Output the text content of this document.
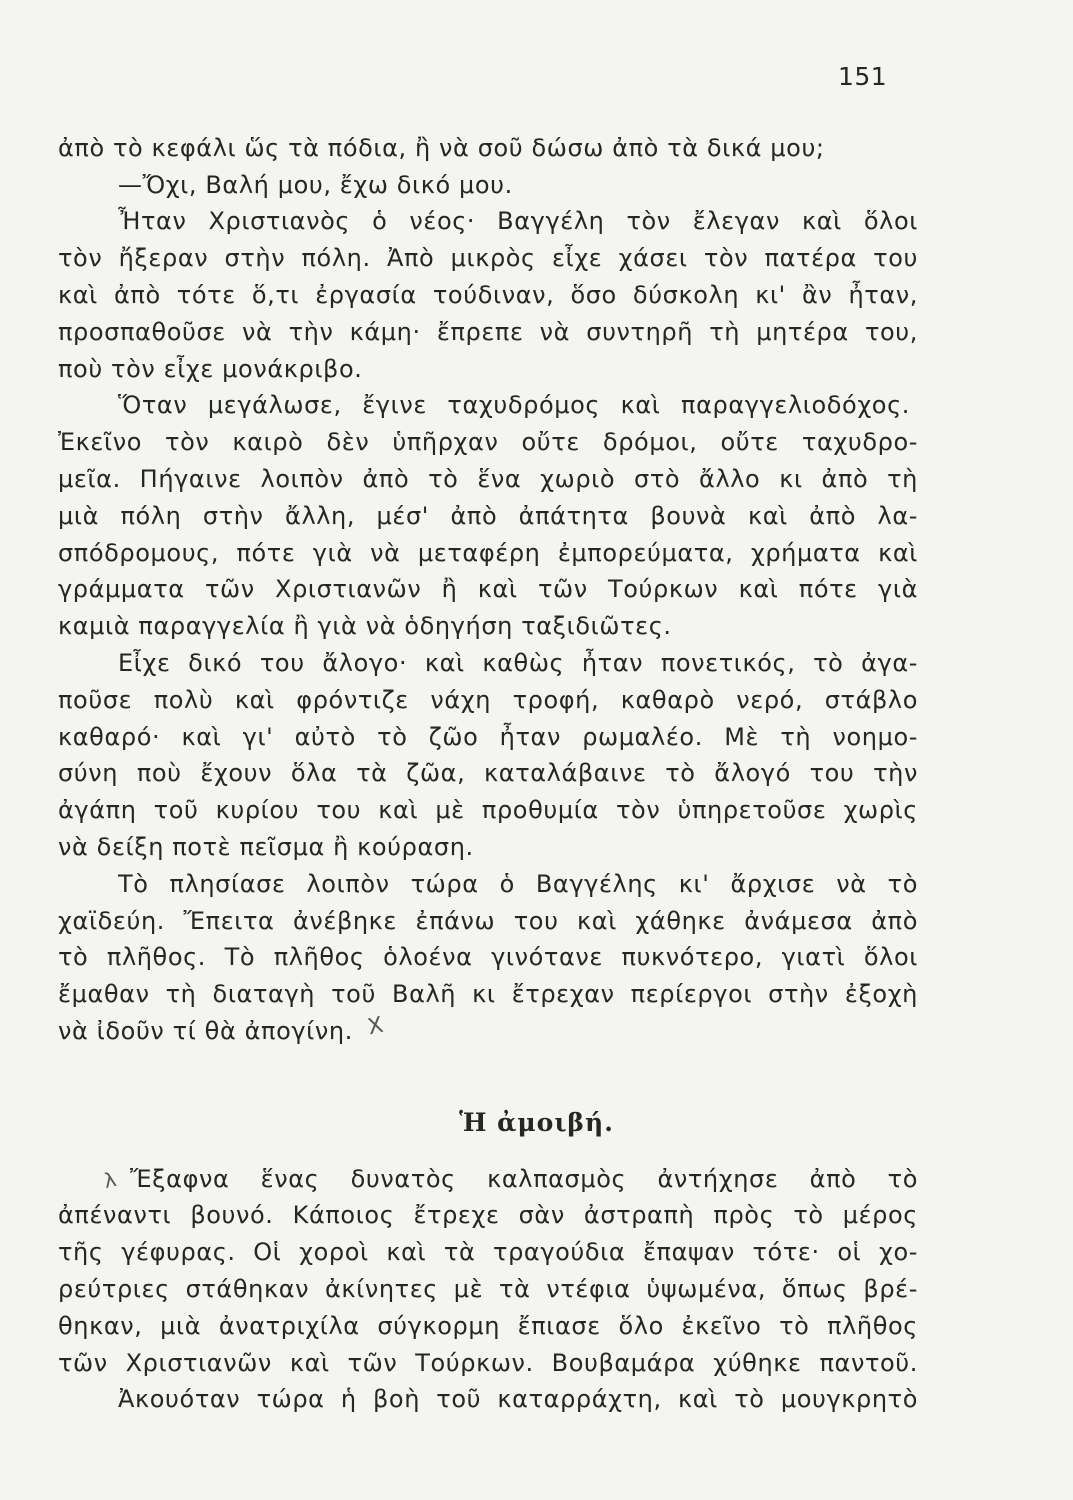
151
ἀπὸ τὸ κεφάλι ὥς τὰ πόδια, ἢ νὰ σοῦ δώσω ἀπὸ τὰ δικά μου;
—Ὄχι, Βαλή μου, ἔχω δικό μου.
Ἦταν Χριστιανὸς ὁ νέος· Βαγγέλη τὸν ἔλεγαν καὶ ὅλοι
τὸν ἤξεραν στὴν πόλη. Ἀπὸ μικρὸς εἶχε χάσει τὸν πατέρα του
καὶ ἀπὸ τότε ὅ,τι ἐργασία τούδιναν, ὅσο δύσκολη κι' ἂν ἦταν,
προσπαθοῦσε νὰ τὴν κάμη· ἔπρεπε νὰ συντηρῆ τὴ μητέρα του,
ποὺ τὸν εἶχε μονάκριβο.
Ὅταν μεγάλωσε, ἔγινε ταχυδρόμος καὶ παραγγελιοδόχος.
Ἐκεῖνο τὸν καιρὸ δὲν ὑπῆρχαν οὔτε δρόμοι, οὔτε ταχυδρο-
μεῖα. Πήγαινε λοιπὸν ἀπὸ τὸ ἕνα χωριὸ στὸ ἄλλο κι ἀπὸ τὴ
μιὰ πόλη στὴν ἄλλη, μέσ' ἀπὸ ἀπάτητα βουνὰ καὶ ἀπὸ λα-
σπόδρομους, πότε γιὰ νὰ μεταφέρη ἐμπορεύματα, χρήματα καὶ
γράμματα τῶν Χριστιανῶν ἢ καὶ τῶν Τούρκων καὶ πότε γιὰ
καμιὰ παραγγελία ἢ γιὰ νὰ ὁδηγήση ταξιδιῶτες.
Εἶχε δικό του ἄλογο· καὶ καθὼς ἦταν πονετικός, τὸ ἀγα-
ποῦσε πολὺ καὶ φρόντιζε νάχη τροφή, καθαρὸ νερό, στάβλο
καθαρό· καὶ γι' αὐτὸ τὸ ζῶο ἦταν ρωμαλέο. Μὲ τὴ νοημο-
σύνη ποὺ ἔχουν ὅλα τὰ ζῶα, καταλάβαινε τὸ ἄλογό του τὴν
ἀγάπη τοῦ κυρίου του καὶ μὲ προθυμία τὸν ὑπηρετοῦσε χωρὶς
νὰ δείξη ποτὲ πεῖσμα ἢ κούραση.
Τὸ πλησίασε λοιπὸν τώρα ὁ Βαγγέλης κι' ἄρχισε νὰ τὸ
χαϊδεύη. Ἔπειτα ἀνέβηκε ἐπάνω του καὶ χάθηκε ἀνάμεσα ἀπὸ
τὸ πλῆθος. Τὸ πλῆθος ὁλοένα γινότανε πυκνότερο, γιατὶ ὅλοι
ἔμαθαν τὴ διαταγὴ τοῦ Βαλῆ κι ἔτρεχαν περίεργοι στὴν ἐξοχὴ
νὰ ἰδοῦν τί θὰ ἀπογίνη. X
Ἡ ἀμοιβή.
λ Ἔξαφνα ἕνας δυνατὸς καλπασμὸς ἀντήχησε ἀπὸ τὸ
ἀπέναντι βουνό. Κάποιος ἔτρεχε σὰν ἀστραπὴ πρὸς τὸ μέρος
τῆς γέφυρας. Οἱ χοροὶ καὶ τὰ τραγούδια ἔπαψαν τότε· οἱ χο-
ρεύτριες στάθηκαν ἀκίνητες μὲ τὰ ντέφια ὑψωμένα, ὅπως βρέ-
θηκαν, μιὰ ἀνατριχίλα σύγκορμη ἔπιασε ὅλο ἐκεῖνο τὸ πλῆθος
τῶν Χριστιανῶν καὶ τῶν Τούρκων. Βουβαμάρα χύθηκε παντοῦ.
Ἀκουόταν τώρα ἡ βοὴ τοῦ καταρράχτη, καὶ τὸ μουγκρητὸ
